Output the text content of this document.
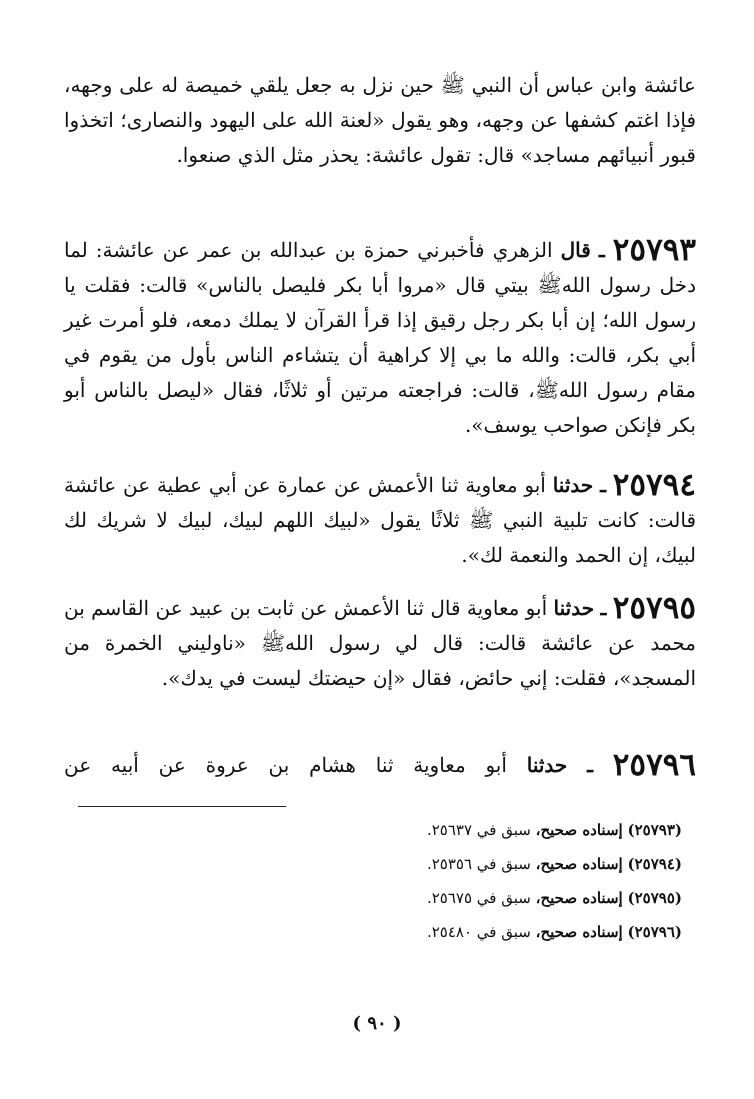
عائشة وابن عباس أن النبي ﷺ حين نزل به جعل يلقي خميصة له على وجهه، فإذا اغتم كشفها عن وجهه، وهو يقول «لعنة الله على اليهود والنصارى؛ اتخذوا قبور أنبيائهم مساجد» قال: تقول عائشة: يحذر مثل الذي صنعوا.

٢٥٧٩٣ ـ قال الزهري فأخبرني حمزة بن عبدالله بن عمر عن عائشة: لما دخل رسول اللهﷺ بيتي قال «مروا أبا بكر فليصل بالناس» قالت: فقلت يا رسول الله؛ إن أبا بكر رجل رقيق إذا قرأ القرآن لا يملك دمعه، فلو أمرت غير أبي بكر، قالت: والله ما بي إلا كراهية أن يتشاءم الناس بأول من يقوم في مقام رسول اللهﷺ، قالت: فراجعته مرتين أو ثلاثًا، فقال «ليصل بالناس أبو بكر فإنكن صواحب يوسف».

٢٥٧٩٤ ـ حدثنا أبو معاوية ثنا الأعمش عن عمارة عن أبي عطية عن عائشة قالت: كانت تلبية النبي ﷺ ثلاثًا يقول «لبيك اللهم لبيك، لبيك لا شريك لك لبيك، إن الحمد والنعمة لك».

٢٥٧٩٥ ـ حدثنا أبو معاوية قال ثنا الأعمش عن ثابت بن عبيد عن القاسم بن محمد عن عائشة قالت: قال لي رسول اللهﷺ «ناوليني الخمرة من المسجد»، فقلت: إني حائض، فقال «إن حيضتك ليست في يدك».

٢٥٧٩٦ ـ حدثنا أبو معاوية ثنا هشام بن عروة عن أبيه عن

(٢٥٧٩٣) إسناده صحيح، سبق في ٢٥٦٣٧.

(٢٥٧٩٤) إسناده صحيح، سبق في ٢٥٣٥٦.

(٢٥٧٩٥) إسناده صحيح، سبق في ٢٥٦٧٥.

(٢٥٧٩٦) إسناده صحيح، سبق في ٢٥٤٨٠.

( ٩٠ )
